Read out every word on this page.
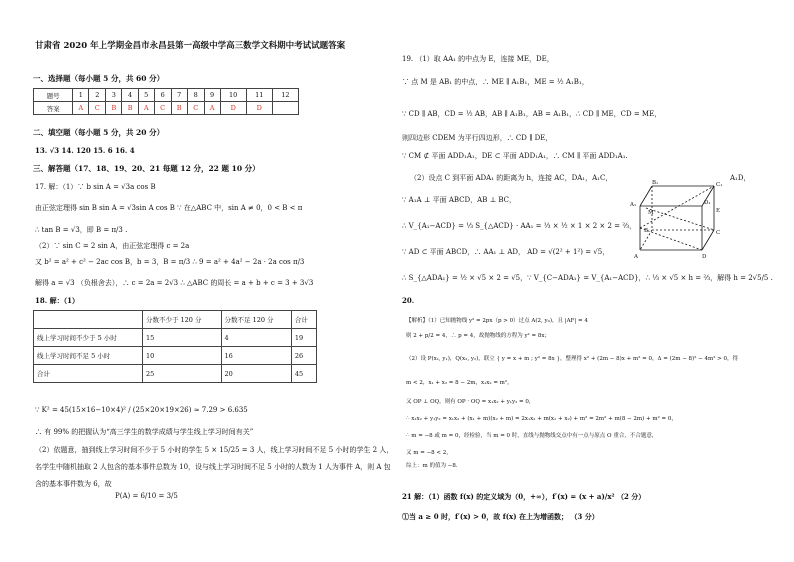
甘肃省 2020 年上学期金昌市永昌县第一高级中学高三数学文科期中考试试题答案
一、选择题（每小题 5 分，共 60 分）
题号	1	2	3	4	5	6	7	8	9	10	11	12
答案	A	C	B	B	A	C	B	C	A	D	D	
二、填空题（每小题 5 分，共 20 分）
13. √3 14. 120 15. 6 16. 4
三、解答题（17、18、19、20、21 每题 12 分，22 题 10 分）
17. 解：（1）∵ b sin A = √3a cos B
由正弦定理得 sin B sin A = √3sin A cos B ∵ 在△ABC 中，sin A ≠ 0，0 < B < π
∴ tan B = √3，即 B = π/3 .
（2）∵ sin C = 2 sin A，由正弦定理得 c = 2a
又 b² = a² + c² − 2ac cos B，b = 3，B = π/3 ∴ 9 = a² + 4a² − 2a · 2a cos π/3
解得 a = √3 （负根舍去），∴ c = 2a = 2√3 ∴ △ABC 的周长 = a + b + c = 3 + 3√3
18. 解：（1）
	分数不少于 120 分	分数不足 120 分	合计
线上学习时间不少于 5 小时	15	4	19
线上学习时间不足 5 小时	10	16	26
合计	25	20	45
∵ K² = 45(15×16−10×4)² / (25×20×19×26) ≈ 7.29 > 6.635
∴ 有 99% 的把握认为“高三学生的数学成绩与学生线上学习时间有关”
（2）依题意，抽到线上学习时间不少于 5 小时的学生 5 × 15/25 = 3 人，线上学习时间不足 5 小时的学生 2 人，
名学生中随机抽取 2 人包含的基本事件总数为 10，设与线上学习时间不足 5 小时的人数为 1 人为事件 A，则 A 包
含的基本事件数为 6，故
P(A) = 6/10 = 3/5
19. （1）取 AA₁ 的中点为 E，连接 ME，DE，
∵ 点 M 是 AB₁ 的中点，∴ ME ∥ A₁B₁，ME = ½ A₁B₁，
∵ CD ∥ AB，CD = ½ AB，AB ∥ A₁B₁，AB = A₁B₁，∴ CD ∥ ME，CD = ME，
则四边形 CDEM 为平行四边形，∴ CD ∥ DE，
∵ CM ⊄ 平面 ADD₁A₁，DE ⊂ 平面 ADD₁A₁，∴ CM ∥ 平面 ADD₁A₁.
（2）设点 C 到平面 ADA₁ 的距离为 h，连接 AC，DA₁，A₁C，	A₁D，
∵ A₁A ⊥ 平面 ABCD，AB ⊥ BC，
∴ V_{A₁−ACD} = ⅓ S_{△ACD} · AA₁ = ⅓ × ½ × 1 × 2 × 2 = ⅔，
∵ AD ⊂ 平面 ABCD，∴ AA₁ ⊥ AD， AD = √(2² + 1²) = √5，
∴ S_{△ADA₁} = ½ × √5 × 2 = √5，∵ V_{C−ADA₁} = V_{A₁−ACD}，∴ ⅓ × √5 × h = ⅔，解得 h = 2√5/5 .
B₁	C₁
A₁	D₁
E
C
B
A	D
M
20.
【解析】（1）已知抛物线 y² = 2px（p > 0）过点 A(2, y₀)，且 |AF| = 4
则 2 + p/2 = 4，∴ p = 4，故抛物线的方程为 y² = 8x；
（2）设 P(x₁, y₁)，Q(x₂, y₂)，联立 { y = x + m ; y² = 8x }，整理得 x² + (2m − 8)x + m² = 0，Δ = (2m − 8)² − 4m² > 0，得
m < 2，x₁ + x₂ = 8 − 2m，x₁x₂ = m²，
又 OP ⊥ OQ，则有 OP · OQ = x₁x₂ + y₁y₂ = 0，
∴ x₁x₂ + y₁y₂ = x₁x₂ + (x₁ + m)(x₂ + m) = 2x₁x₂ + m(x₁ + x₂) + m² = 2m² + m(8 − 2m) + m² = 0，
∴ m = −8 或 m = 0，经检验，当 m = 0 时，直线与抛物线交点中有一点与原点 O 重合，不合题意，
又 m = −8 < 2，
综上：m 的值为 −8.
21 解：（1）函数 f(x) 的定义域为（0，+∞），f′(x) = (x + a)/x² （2 分）
①当 a ≥ 0 时，f′(x) > 0，故 f(x) 在上为增函数； （3 分）
